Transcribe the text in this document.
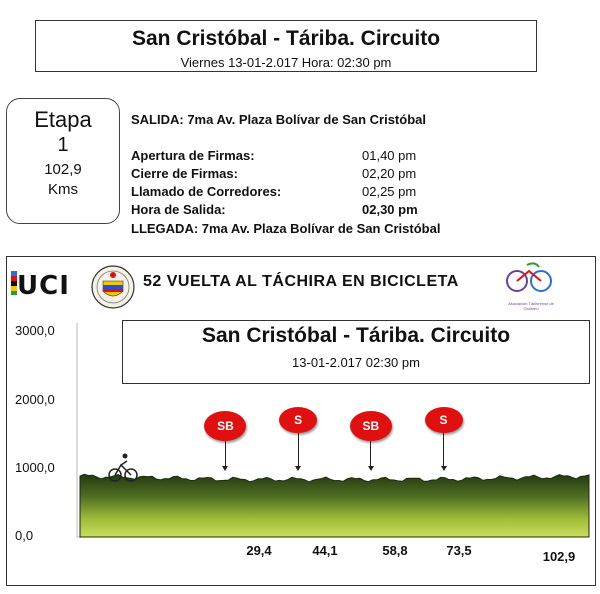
San Cristóbal - Táriba. Circuito
Viernes 13-01-2.017 Hora: 02:30 pm
Etapa
1
102,9
Kms
SALIDA: 7ma Av. Plaza Bolívar de San Cristóbal
Apertura de Firmas:	01,40 pm
Cierre de Firmas:	02,20 pm
Llamado de Corredores:	02,25 pm
Hora de Salida:	02,30 pm
LLEGADA: 7ma Av. Plaza Bolívar de San Cristóbal
UCI	52 VUELTA AL TÁCHIRA EN BICICLETA
Asociación Táchirense de Ciclismo
San Cristóbal - Táriba. Circuito
13-01-2.017 02:30 pm
3000,0
2000,0
1000,0
0,0
29,4	44,1	58,8	73,5	102,9
SB	S	SB	S
